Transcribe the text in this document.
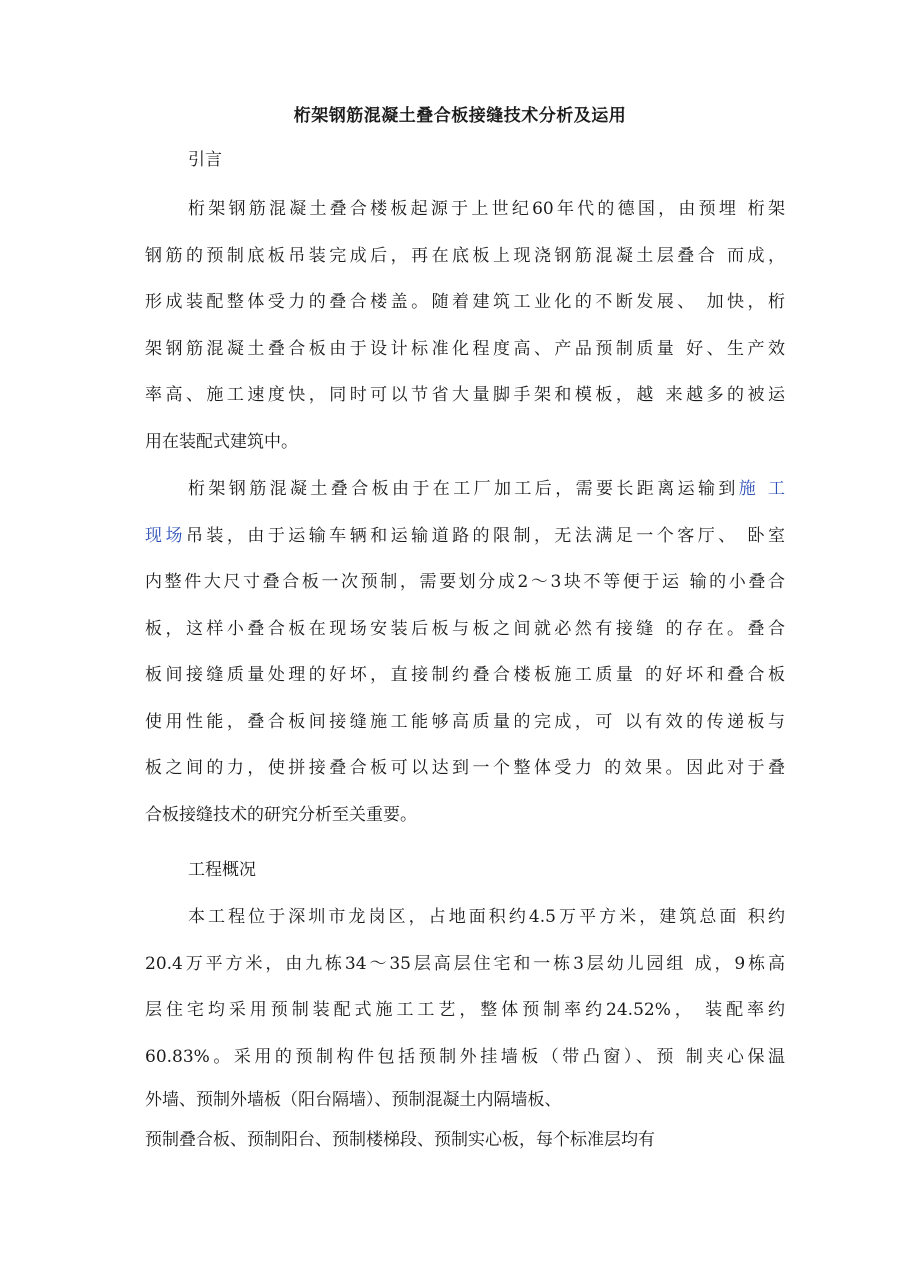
桁架钢筋混凝土叠合板接缝技术分析及运用
引言
桁架钢筋混凝土叠合楼板起源于上世纪60年代的德国，由预埋 桁架
钢筋的预制底板吊装完成后，再在底板上现浇钢筋混凝土层叠合 而成，
形成装配整体受力的叠合楼盖。随着建筑工业化的不断发展、 加快，桁
架钢筋混凝土叠合板由于设计标准化程度高、产品预制质量 好、生产效
率高、施工速度快，同时可以节省大量脚手架和模板，越 来越多的被运
用在装配式建筑中。
桁架钢筋混凝土叠合板由于在工厂加工后，需要长距离运输到施 工
现场吊装，由于运输车辆和运输道路的限制，无法满足一个客厅、 卧室
内整件大尺寸叠合板一次预制，需要划分成2〜3块不等便于运 输的小叠合
板，这样小叠合板在现场安装后板与板之间就必然有接缝 的存在。叠合
板间接缝质量处理的好坏，直接制约叠合楼板施工质量 的好坏和叠合板
使用性能，叠合板间接缝施工能够高质量的完成，可 以有效的传递板与
板之间的力，使拼接叠合板可以达到一个整体受力 的效果。因此对于叠
合板接缝技术的研究分析至关重要。
工程概况
本工程位于深圳市龙岗区，占地面积约4.5万平方米，建筑总面 积约
20.4万平方米，由九栋34〜35层高层住宅和一栋3层幼儿园组 成，9栋高
层住宅均采用预制装配式施工工艺，整体预制率约24.52%， 装配率约
60.83%。采用的预制构件包括预制外挂墙板（带凸窗）、预 制夹心保温
外墙、预制外墙板（阳台隔墙）、预制混凝土内隔墙板、
预制叠合板、预制阳台、预制楼梯段、预制实心板，每个标准层均有
